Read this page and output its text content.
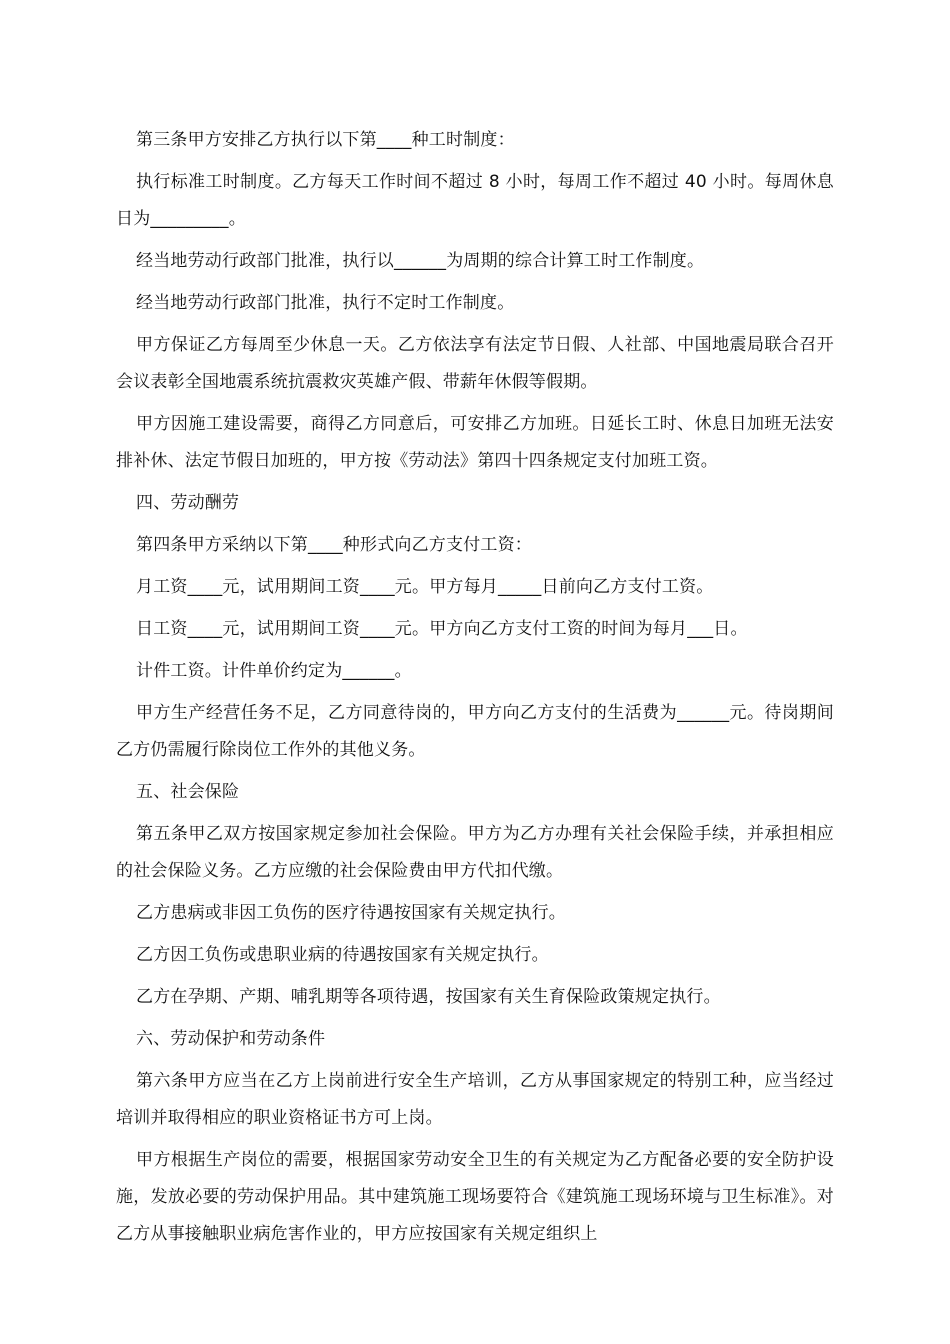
第三条甲方安排乙方执行以下第____种工时制度：

执行标准工时制度。乙方每天工作时间不超过 8 小时，每周工作不超过 40 小时。每周休息日为_________。

经当地劳动行政部门批准，执行以______为周期的综合计算工时工作制度。

经当地劳动行政部门批准，执行不定时工作制度。

甲方保证乙方每周至少休息一天。乙方依法享有法定节日假、人社部、中国地震局联合召开会议表彰全国地震系统抗震救灾英雄产假、带薪年休假等假期。

甲方因施工建设需要，商得乙方同意后，可安排乙方加班。日延长工时、休息日加班无法安排补休、法定节假日加班的，甲方按《劳动法》第四十四条规定支付加班工资。

四、劳动酬劳

第四条甲方采纳以下第____种形式向乙方支付工资：

月工资____元，试用期间工资____元。甲方每月_____日前向乙方支付工资。

日工资____元，试用期间工资____元。甲方向乙方支付工资的时间为每月___日。

计件工资。计件单价约定为______。

甲方生产经营任务不足，乙方同意待岗的，甲方向乙方支付的生活费为______元。待岗期间乙方仍需履行除岗位工作外的其他义务。

五、社会保险

第五条甲乙双方按国家规定参加社会保险。甲方为乙方办理有关社会保险手续，并承担相应的社会保险义务。乙方应缴的社会保险费由甲方代扣代缴。

乙方患病或非因工负伤的医疗待遇按国家有关规定执行。

乙方因工负伤或患职业病的待遇按国家有关规定执行。

乙方在孕期、产期、哺乳期等各项待遇，按国家有关生育保险政策规定执行。

六、劳动保护和劳动条件

第六条甲方应当在乙方上岗前进行安全生产培训，乙方从事国家规定的特别工种，应当经过培训并取得相应的职业资格证书方可上岗。

甲方根据生产岗位的需要，根据国家劳动安全卫生的有关规定为乙方配备必要的安全防护设施，发放必要的劳动保护用品。其中建筑施工现场要符合《建筑施工现场环境与卫生标准》。对乙方从事接触职业病危害作业的，甲方应按国家有关规定组织上
